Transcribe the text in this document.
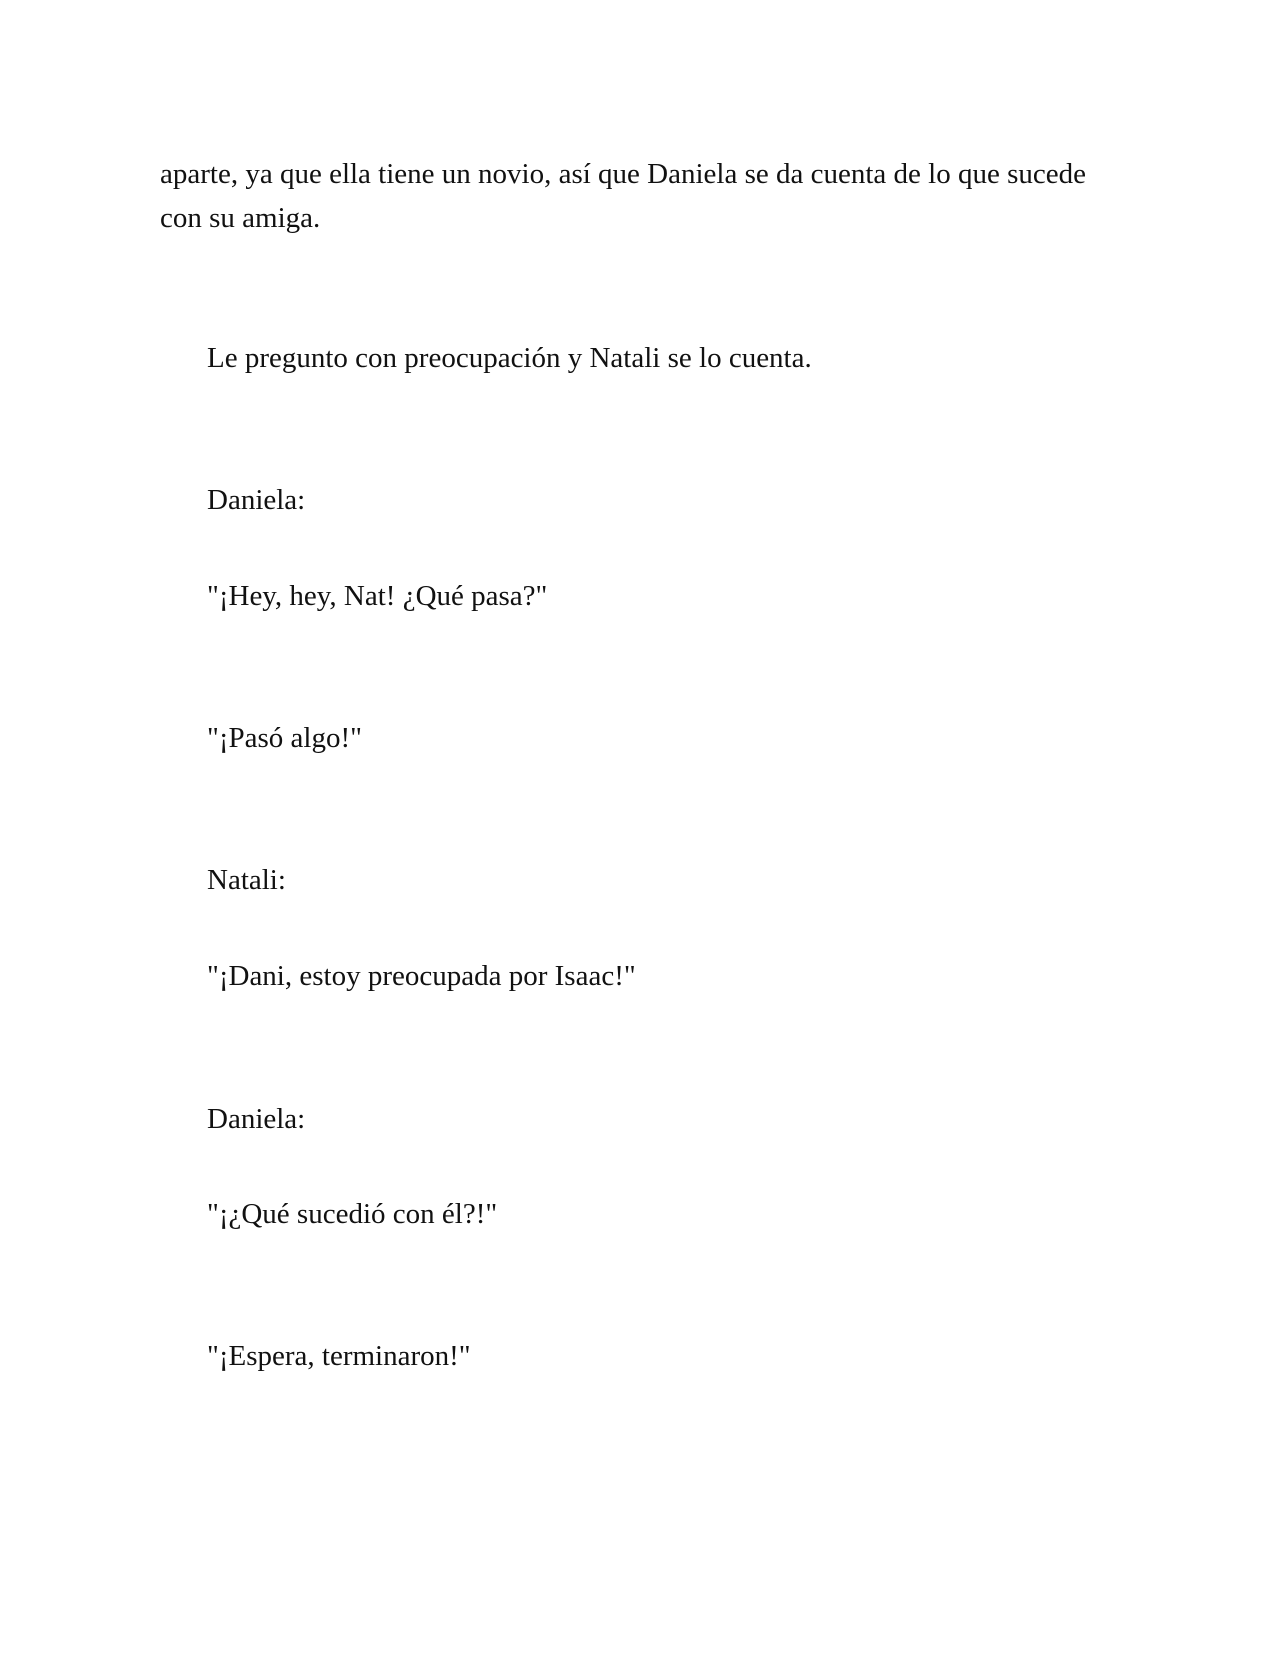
aparte, ya que ella tiene un novio, así que Daniela se da cuenta de lo que sucede con su amiga.

Le pregunto con preocupación y Natali se lo cuenta.

Daniela:

"¡Hey, hey, Nat! ¿Qué pasa?"

"¡Pasó algo!"

Natali:

"¡Dani, estoy preocupada por Isaac!"

Daniela:

"¡¿Qué sucedió con él?!"

"¡Espera, terminaron!"
